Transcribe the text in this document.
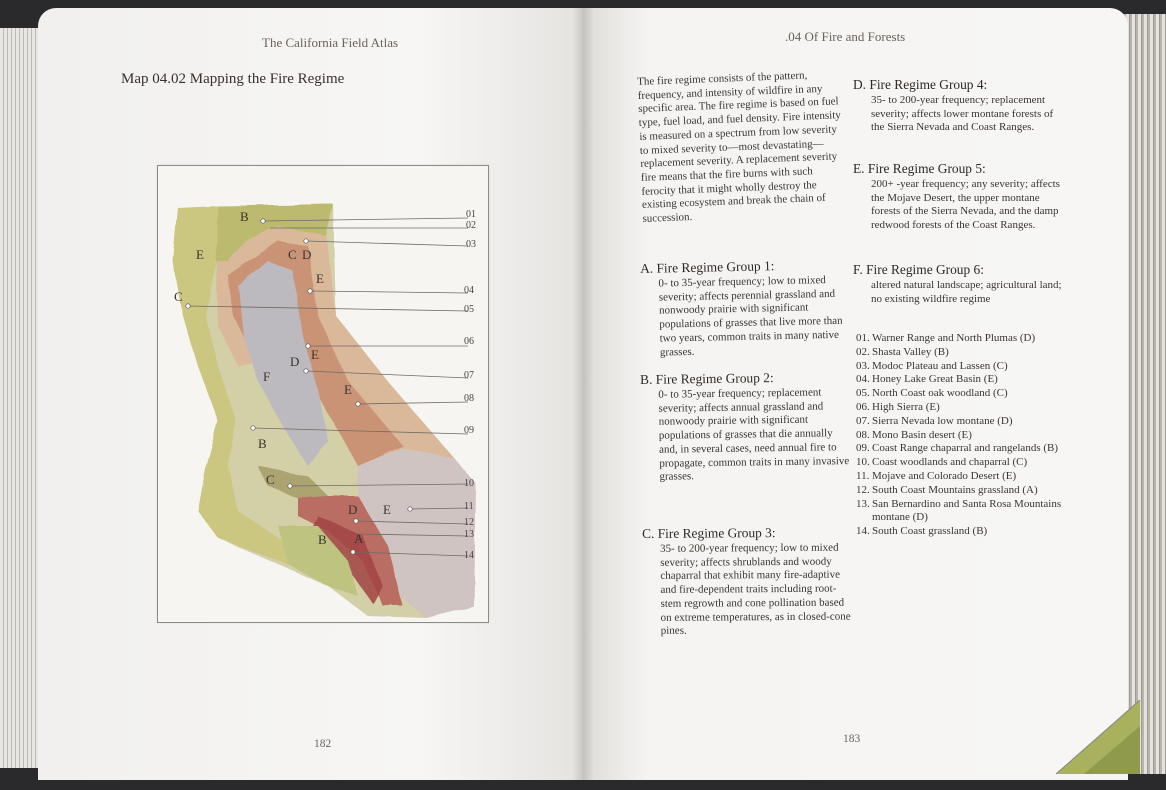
The California Field Atlas
Map 04.02 Mapping the Fire Regime
B
E	C D
E
C
D E
F
E
B
C
D E
B A
01
02
03
04
05
06
07
08
09
10
11
12
13
14
182
.04 Of Fire and Forests
The fire regime consists of the pattern, frequency, and intensity of wildfire in any specific area. The fire regime is based on fuel type, fuel load, and fuel density. Fire intensity is measured on a spectrum from low severity to mixed severity to—most devastating—replacement severity. A replacement severity fire means that the fire burns with such ferocity that it might wholly destroy the existing ecosystem and break the chain of succession.

A. Fire Regime Group 1:

0- to 35-year frequency; low to mixed severity; affects perennial grassland and nonwoody prairie with significant populations of grasses that live more than two years, common traits in many native grasses.

B. Fire Regime Group 2:

0- to 35-year frequency; replacement severity; affects annual grassland and nonwoody prairie with significant populations of grasses that die annually and, in several cases, need annual fire to propagate, common traits in many invasive grasses.

C. Fire Regime Group 3:

35- to 200-year frequency; low to mixed severity; affects shrublands and woody chaparral that exhibit many fire-adaptive and fire-dependent traits including root-stem regrowth and cone pollination based on extreme temperatures, as in closed-cone pines.

D. Fire Regime Group 4:

35- to 200-year frequency; replacement severity; affects lower montane forests of the Sierra Nevada and Coast Ranges.

E. Fire Regime Group 5:

200+ -year frequency; any severity; affects the Mojave Desert, the upper montane forests of the Sierra Nevada, and the damp redwood forests of the Coast Ranges.

F. Fire Regime Group 6:

altered natural landscape; agricultural land; no existing wildfire regime

01. Warner Range and North Plumas (D)
02. Shasta Valley (B)
03. Modoc Plateau and Lassen (C)
04. Honey Lake Great Basin (E)
05. North Coast oak woodland (C)
06. High Sierra (E)
07. Sierra Nevada low montane (D)
08. Mono Basin desert (E)
09. Coast Range chaparral and rangelands (B)
10. Coast woodlands and chaparral (C)
11. Mojave and Colorado Desert (E)
12. South Coast Mountains grassland (A)
13. San Bernardino and Santa Rosa Mountains montane (D)
14. South Coast grassland (B)
183
